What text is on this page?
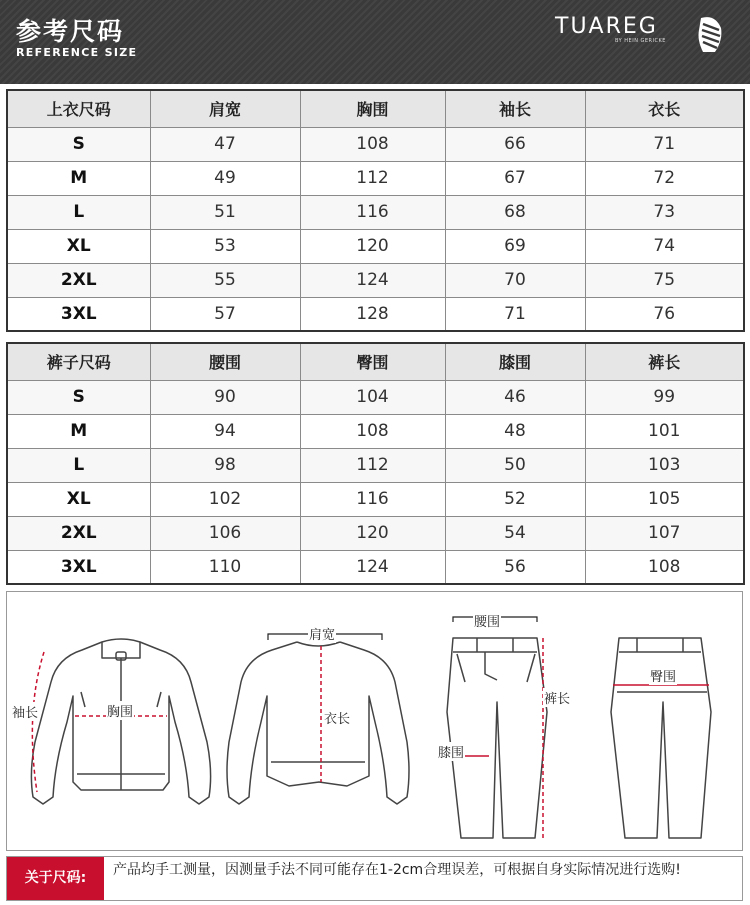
参考尺码
REFERENCE SIZE
TUAREG
BY HEIN GERICKE
上衣尺码	肩宽	胸围	袖长	衣长
S	47	108	66	71
M	49	112	67	72
L	51	116	68	73
XL	53	120	69	74
2XL	55	124	70	75
3XL	57	128	71	76
裤子尺码	腰围	臀围	膝围	裤长
S	90	104	46	99
M	94	108	48	101
L	98	112	50	103
XL	102	116	52	105
2XL	106	120	54	107
3XL	110	124	56	108
袖长	胸围
肩宽
衣长
腰围
裤长
膝围
臀围
关于尺码:	产品均手工测量，因测量手法不同可能存在1-2cm合理误差，可根据自身实际情况进行选购!
